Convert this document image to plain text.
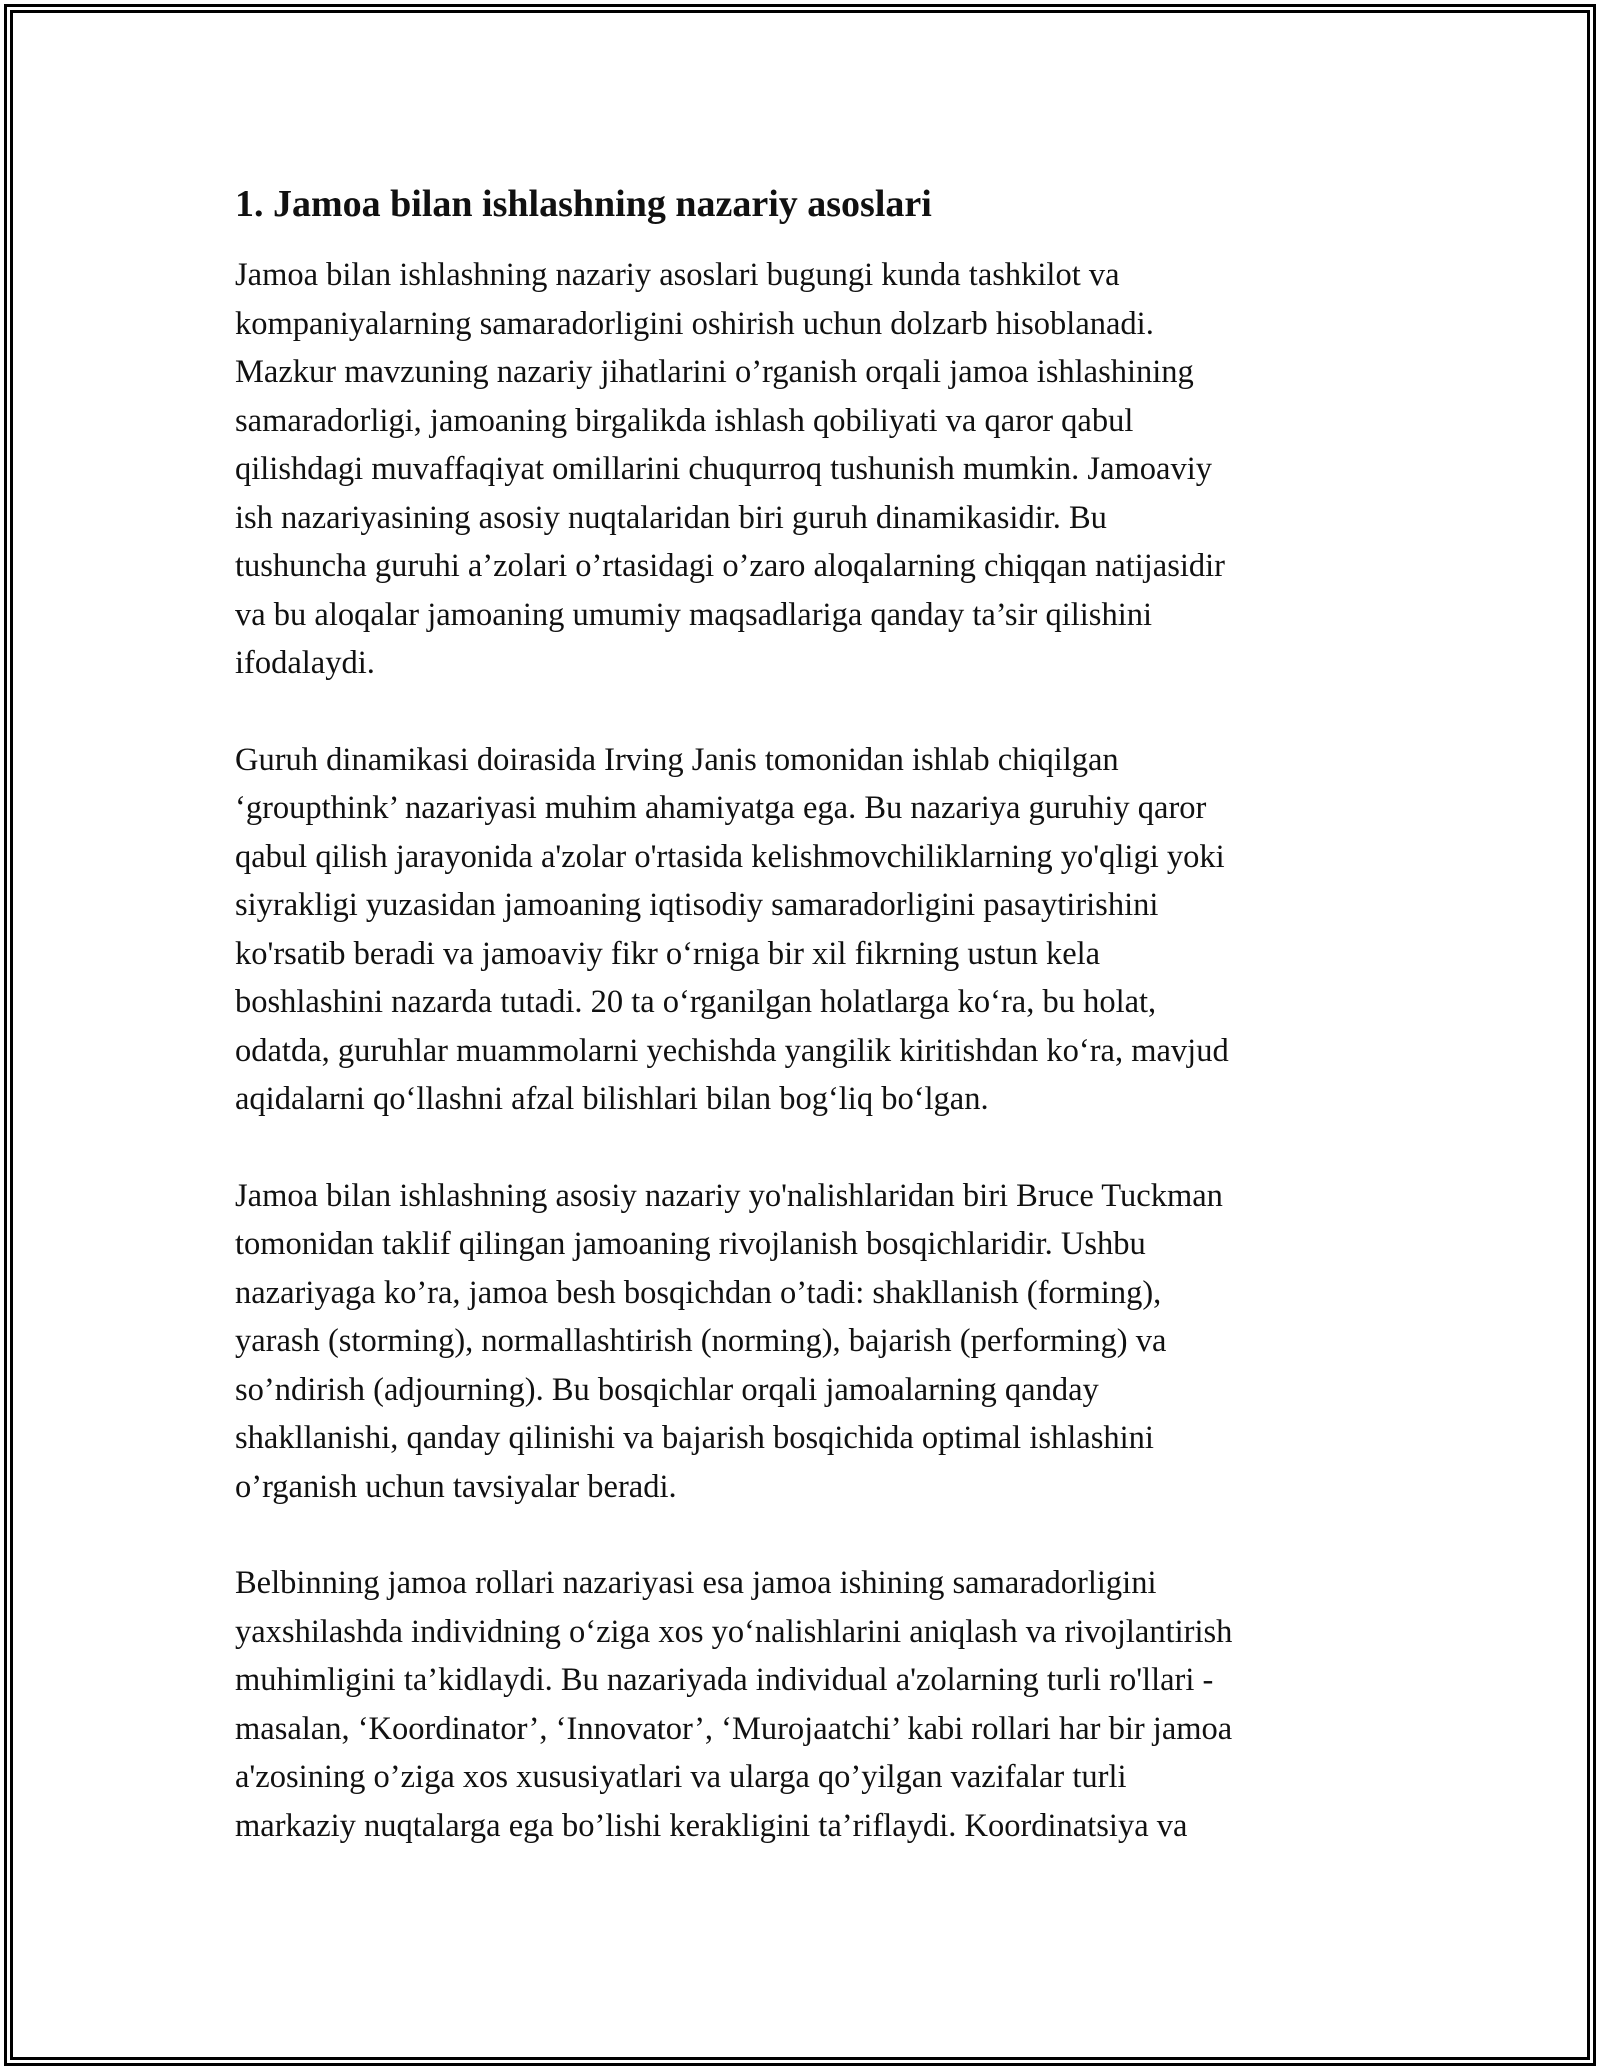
1. Jamoa bilan ishlashning nazariy asoslari

Jamoa bilan ishlashning nazariy asoslari bugungi kunda tashkilot va
kompaniyalarning samaradorligini oshirish uchun dolzarb hisoblanadi.
Mazkur mavzuning nazariy jihatlarini o’rganish orqali jamoa ishlashining
samaradorligi, jamoaning birgalikda ishlash qobiliyati va qaror qabul
qilishdagi muvaffaqiyat omillarini chuqurroq tushunish mumkin. Jamoaviy
ish nazariyasining asosiy nuqtalaridan biri guruh dinamikasidir. Bu
tushuncha guruhi a’zolari o’rtasidagi o’zaro aloqalarning chiqqan natijasidir
va bu aloqalar jamoaning umumiy maqsadlariga qanday ta’sir qilishini
ifodalaydi.

Guruh dinamikasi doirasida Irving Janis tomonidan ishlab chiqilgan
‘groupthink’ nazariyasi muhim ahamiyatga ega. Bu nazariya guruhiy qaror
qabul qilish jarayonida a'zolar o'rtasida kelishmovchiliklarning yo'qligi yoki
siyrakligi yuzasidan jamoaning iqtisodiy samaradorligini pasaytirishini
ko'rsatib beradi va jamoaviy fikr o‘rniga bir xil fikrning ustun kela
boshlashini nazarda tutadi. 20 ta o‘rganilgan holatlarga ko‘ra, bu holat,
odatda, guruhlar muammolarni yechishda yangilik kiritishdan ko‘ra, mavjud
aqidalarni qo‘llashni afzal bilishlari bilan bog‘liq bo‘lgan.

Jamoa bilan ishlashning asosiy nazariy yo'nalishlaridan biri Bruce Tuckman
tomonidan taklif qilingan jamoaning rivojlanish bosqichlaridir. Ushbu
nazariyaga ko’ra, jamoa besh bosqichdan o’tadi: shakllanish (forming),
yarash (storming), normallashtirish (norming), bajarish (performing) va
so’ndirish (adjourning). Bu bosqichlar orqali jamoalarning qanday
shakllanishi, qanday qilinishi va bajarish bosqichida optimal ishlashini
o’rganish uchun tavsiyalar beradi.

Belbinning jamoa rollari nazariyasi esa jamoa ishining samaradorligini
yaxshilashda individning o‘ziga xos yo‘nalishlarini aniqlash va rivojlantirish
muhimligini ta’kidlaydi. Bu nazariyada individual a'zolarning turli ro'llari -
masalan, ‘Koordinator’, ‘Innovator’, ‘Murojaatchi’ kabi rollari har bir jamoa
a'zosining o’ziga xos xususiyatlari va ularga qo’yilgan vazifalar turli
markaziy nuqtalarga ega bo’lishi kerakligini ta’riflaydi. Koordinatsiya va
